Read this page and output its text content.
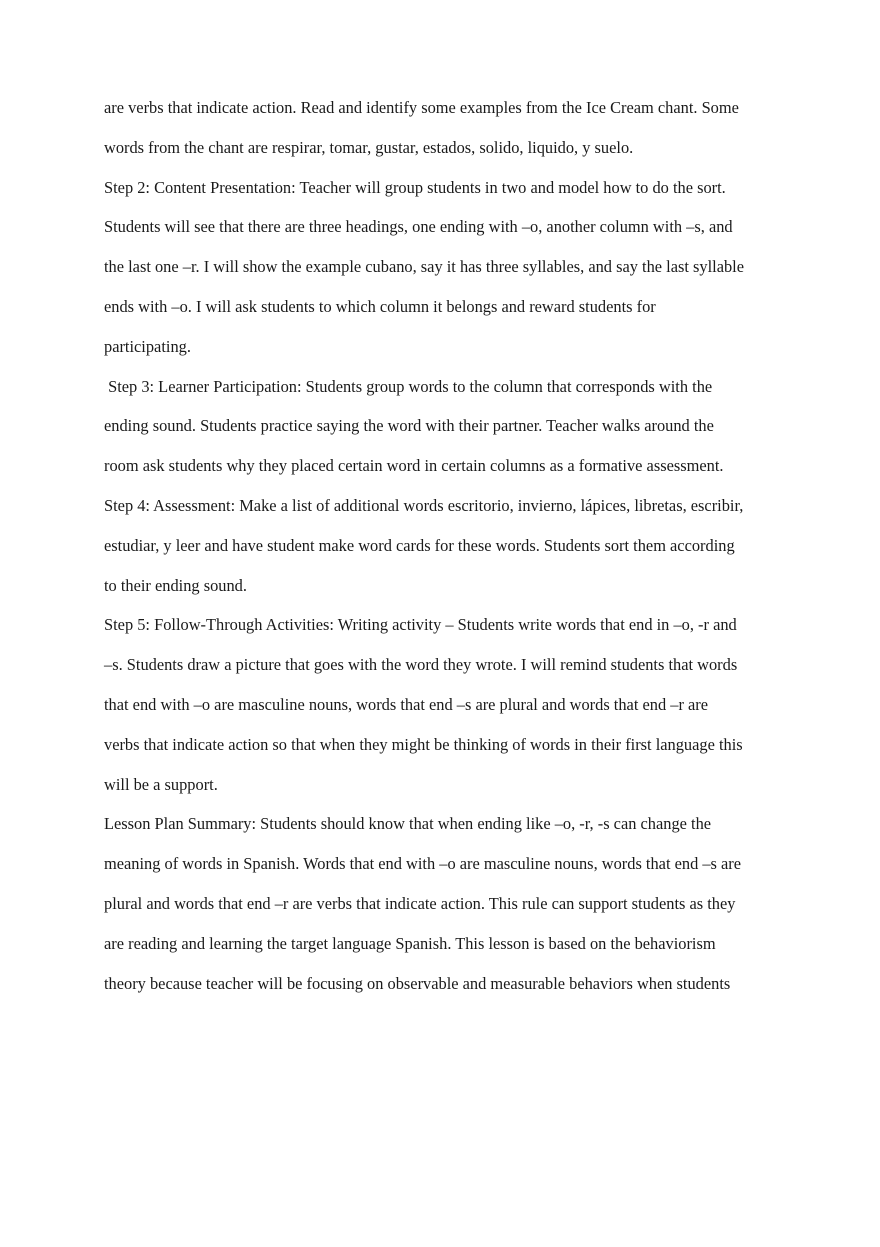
are verbs that indicate action. Read and identify some examples from the Ice Cream chant. Some
words from the chant are respirar, tomar, gustar, estados, solido, liquido, y suelo.
Step 2: Content Presentation: Teacher will group students in two and model how to do the sort.
Students will see that there are three headings, one ending with –o, another column with –s, and
the last one –r. I will show the example cubano, say it has three syllables, and say the last syllable
ends with –o. I will ask students to which column it belongs and reward students for
participating.
Step 3: Learner Participation: Students group words to the column that corresponds with the
ending sound. Students practice saying the word with their partner. Teacher walks around the
room ask students why they placed certain word in certain columns as a formative assessment.
Step 4: Assessment: Make a list of additional words escritorio, invierno, lápices, libretas, escribir,
estudiar, y leer and have student make word cards for these words. Students sort them according
to their ending sound.
Step 5: Follow-Through Activities: Writing activity – Students write words that end in –o, -r and
–s. Students draw a picture that goes with the word they wrote. I will remind students that words
that end with –o are masculine nouns, words that end –s are plural and words that end –r are
verbs that indicate action so that when they might be thinking of words in their first language this
will be a support.
Lesson Plan Summary: Students should know that when ending like –o, -r, -s can change the
meaning of words in Spanish. Words that end with –o are masculine nouns, words that end –s are
plural and words that end –r are verbs that indicate action. This rule can support students as they
are reading and learning the target language Spanish. This lesson is based on the behaviorism
theory because teacher will be focusing on observable and measurable behaviors when students
